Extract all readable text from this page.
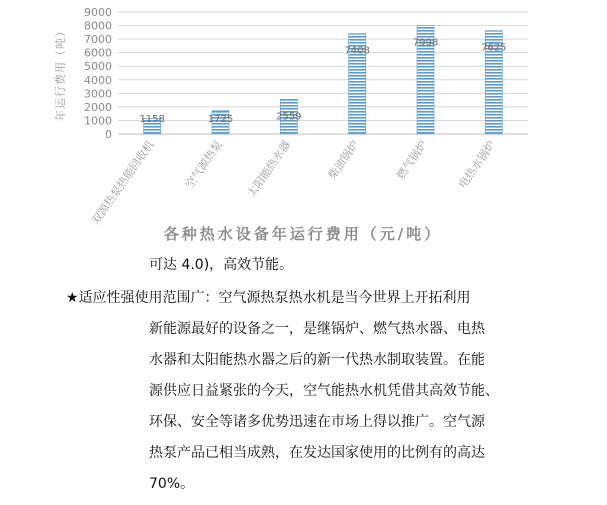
0
1000
2000
3000
4000
5000
6000
7000
8000
9000
年运行费用（吨）	1158
双源热泵热能回收机
1725
空气源热泵
2559
太阳能热水器
7408
柴油锅炉
7998
燃气锅炉
7625
电热水锅炉
各种热水设备年运行费用（元/吨）
可达 4.0)，高效节能。
★适应性强使用范围广：空气源热泵热水机是当今世界上开拓利用
新能源最好的设备之一，是继锅炉、燃气热水器、电热
水器和太阳能热水器之后的新一代热水制取装置。在能
源供应日益紧张的今天，空气能热水机凭借其高效节能、
环保、安全等诸多优势迅速在市场上得以推广。空气源
热泵产品已相当成熟，在发达国家使用的比例有的高达
70%。
